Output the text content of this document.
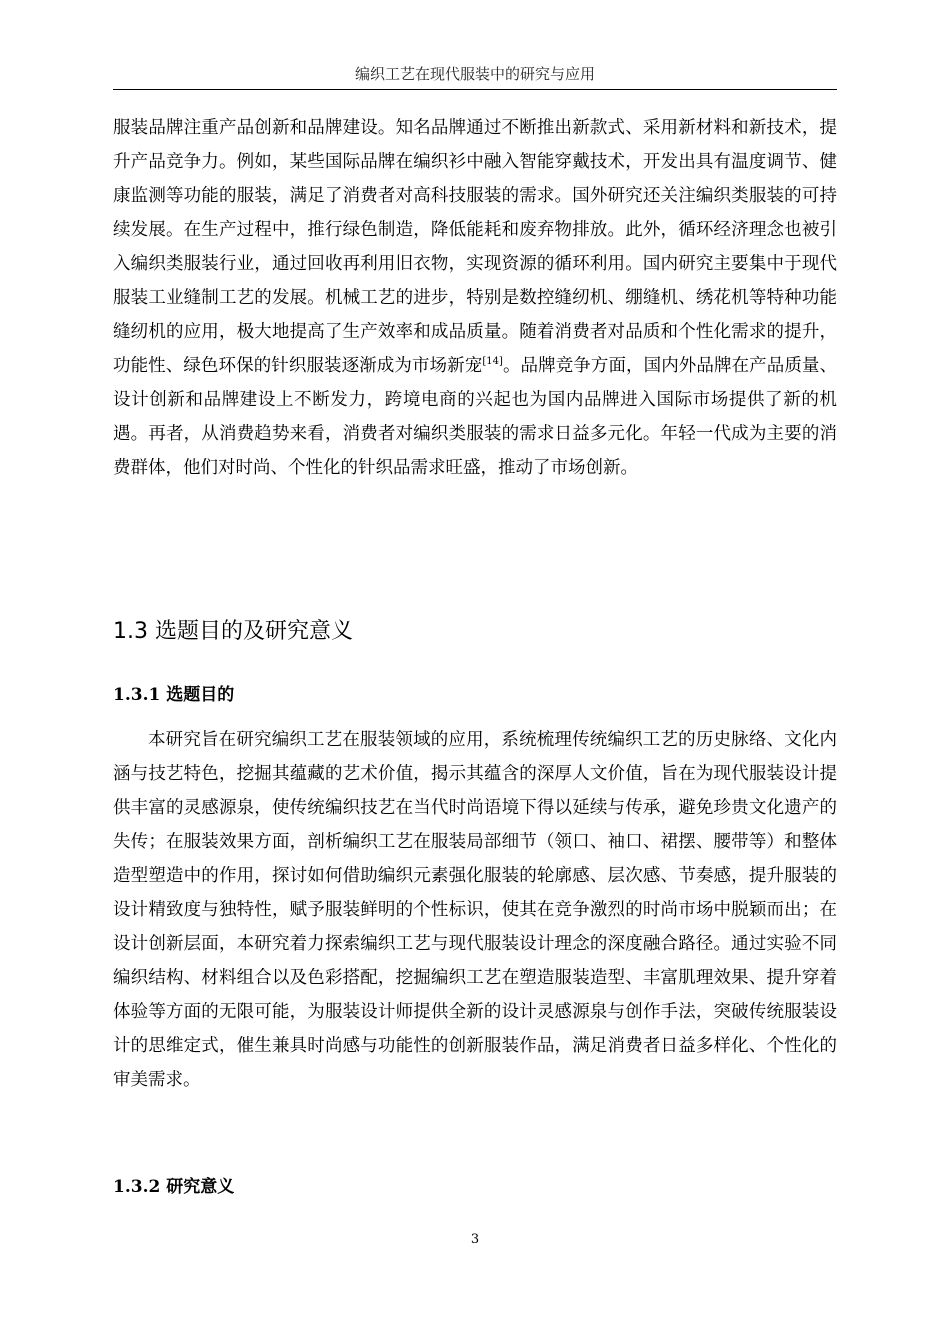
编织工艺在现代服装中的研究与应用

服装品牌注重产品创新和品牌建设。知名品牌通过不断推出新款式、采用新材料和新技术，提升产品竞争力。例如，某些国际品牌在编织衫中融入智能穿戴技术，开发出具有温度调节、健康监测等功能的服装，满足了消费者对高科技服装的需求。国外研究还关注编织类服装的可持续发展。在生产过程中，推行绿色制造，降低能耗和废弃物排放。此外，循环经济理念也被引入编织类服装行业，通过回收再利用旧衣物，实现资源的循环利用。国内研究主要集中于现代服装工业缝制工艺的发展。机械工艺的进步，特别是数控缝纫机、绷缝机、绣花机等特种功能缝纫机的应用，极大地提高了生产效率和成品质量。随着消费者对品质和个性化需求的提升，功能性、绿色环保的针织服装逐渐成为市场新宠[14]。品牌竞争方面，国内外品牌在产品质量、设计创新和品牌建设上不断发力，跨境电商的兴起也为国内品牌进入国际市场提供了新的机遇。再者，从消费趋势来看，消费者对编织类服装的需求日益多元化。年轻一代成为主要的消费群体，他们对时尚、个性化的针织品需求旺盛，推动了市场创新。

1.3 选题目的及研究意义
1.3.1 选题目的

本研究旨在研究编织工艺在服装领域的应用，系统梳理传统编织工艺的历史脉络、文化内涵与技艺特色，挖掘其蕴藏的艺术价值，揭示其蕴含的深厚人文价值，旨在为现代服装设计提供丰富的灵感源泉，使传统编织技艺在当代时尚语境下得以延续与传承，避免珍贵文化遗产的失传；在服装效果方面，剖析编织工艺在服装局部细节（领口、袖口、裙摆、腰带等）和整体造型塑造中的作用，探讨如何借助编织元素强化服装的轮廓感、层次感、节奏感，提升服装的设计精致度与独特性，赋予服装鲜明的个性标识，使其在竞争激烈的时尚市场中脱颖而出；在设计创新层面，本研究着力探索编织工艺与现代服装设计理念的深度融合路径。通过实验不同编织结构、材料组合以及色彩搭配，挖掘编织工艺在塑造服装造型、丰富肌理效果、提升穿着体验等方面的无限可能，为服装设计师提供全新的设计灵感源泉与创作手法，突破传统服装设计的思维定式，催生兼具时尚感与功能性的创新服装作品，满足消费者日益多样化、个性化的审美需求。

1.3.2 研究意义
3
